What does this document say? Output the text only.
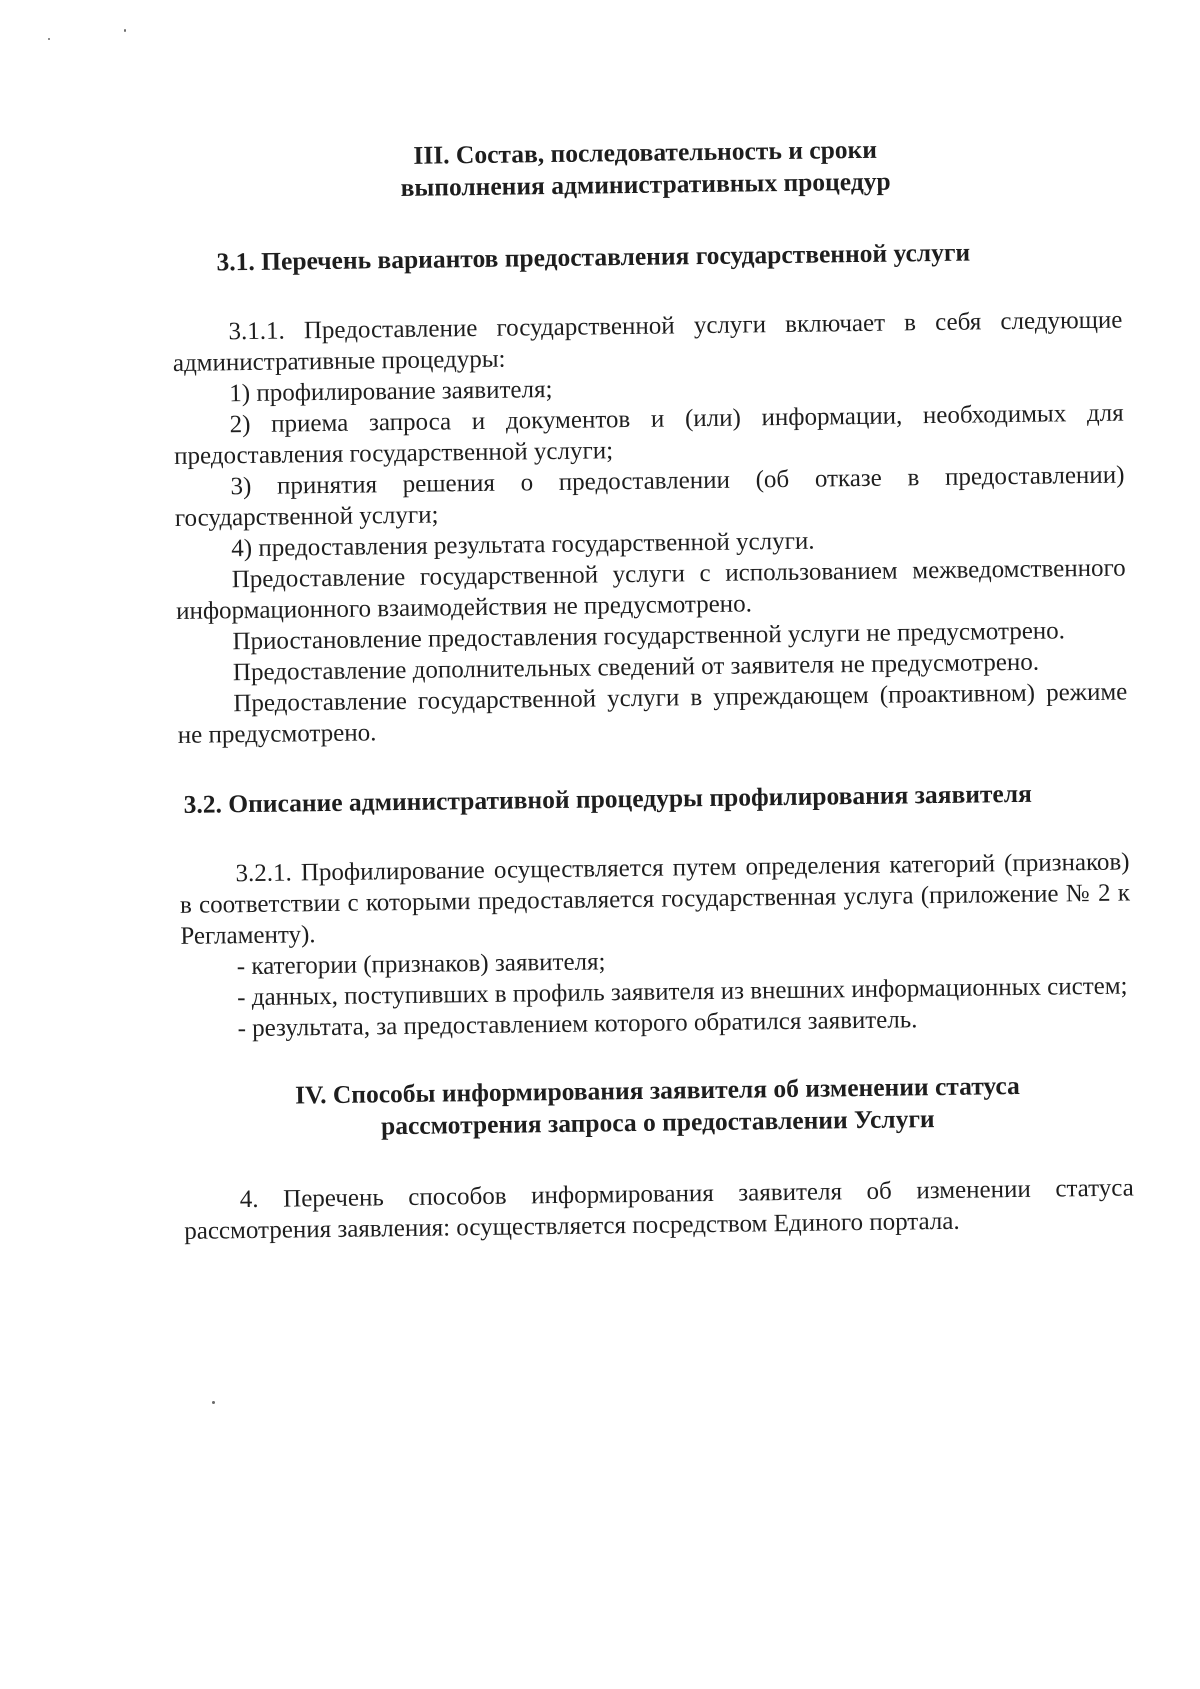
III. Состав, последовательность и сроки

выполнения административных процедур

3.1. Перечень вариантов предоставления государственной услуги

3.1.1. Предоставление государственной услуги включает в себя следующие административные процедуры:

1) профилирование заявителя;

2) приема запроса и документов и (или) информации, необходимых для предоставления государственной услуги;

3) принятия решения о предоставлении (об отказе в предоставлении) государственной услуги;

4) предоставления результата государственной услуги.

Предоставление государственной услуги с использованием межведомственного информационного взаимодействия не предусмотрено.

Приостановление предоставления государственной услуги не предусмотрено.

Предоставление дополнительных сведений от заявителя не предусмотрено.

Предоставление государственной услуги в упреждающем (проактивном) режиме не предусмотрено.

3.2. Описание административной процедуры профилирования заявителя

3.2.1. Профилирование осуществляется путем определения категорий (признаков) в соответствии с которыми предоставляется государственная услуга (приложение № 2 к Регламенту).

- категории (признаков) заявителя;

- данных, поступивших в профиль заявителя из внешних информационных систем;

- результата, за предоставлением которого обратился заявитель.

IV. Способы информирования заявителя об изменении статуса

рассмотрения запроса о предоставлении Услуги

4. Перечень способов информирования заявителя об изменении статуса рассмотрения заявления: осуществляется посредством Единого портала.
